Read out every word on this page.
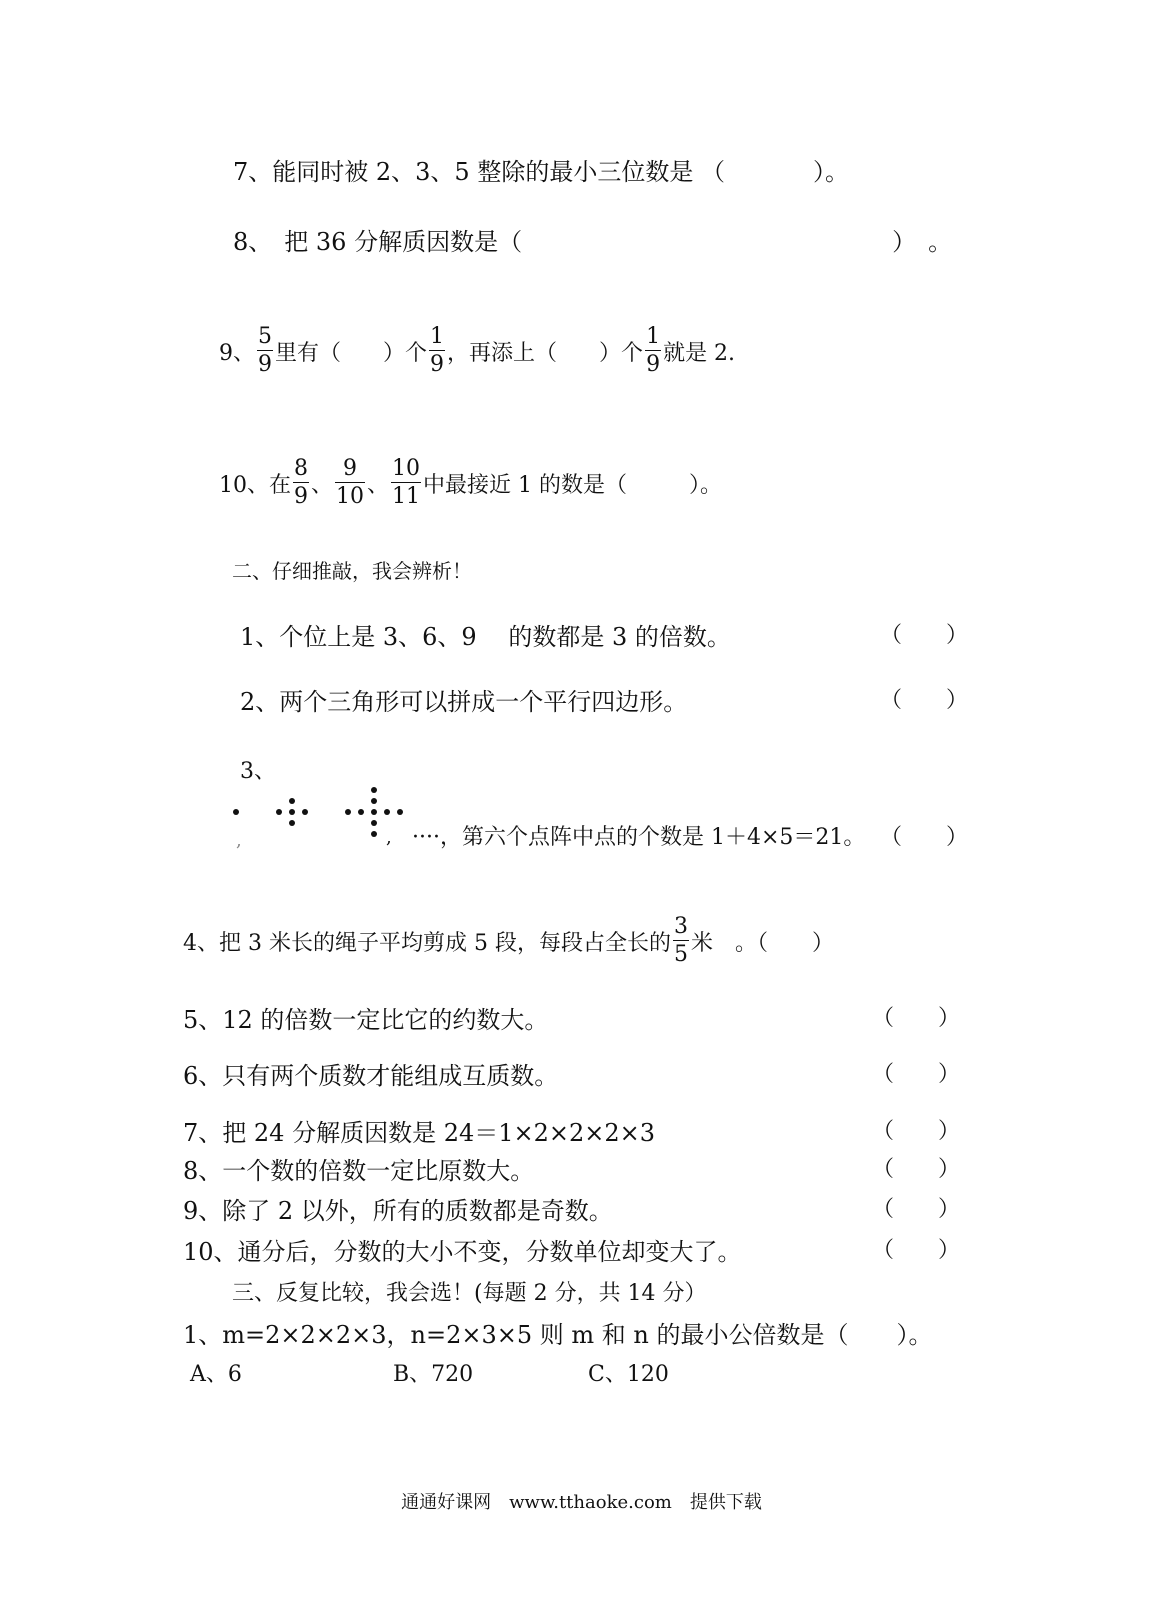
7、能同时被 2、3、5 整除的最小三位数是 （	）。
8、　把 36 分解质因数是（	）　。
9、 $\frac{5}{9}$ 里有（ ）个 $\frac{1}{9}$ ，再添上（ ）个 $\frac{1}{9}$ 就是 2.
10、在 $\frac{8}{9}$ 、 $\frac{9}{10}$ 、 $\frac{10}{11}$ 中最接近 1 的数是（	）。
二、仔细推敲，我会辨析！
1、个位上是 3、6、9　 的数都是 3 的倍数。	（　　）
2、两个三角形可以拼成一个平行四边形。	（　　）
3、
,	, ····，第六个点阵中点的个数是 1＋4×5＝21。 （　　）
4、把 3 米长的绳子平均剪成 5 段，每段占全长的 $\frac{3}{5}$ 米　。（　　）
5、12 的倍数一定比它的约数大。	（　　）
6、只有两个质数才能组成互质数。	（　　）
7、把 24 分解质因数是 24＝1×2×2×2×3	（　　）
8、一个数的倍数一定比原数大。	（　　）
9、除了 2 以外，所有的质数都是奇数。	（　　）
10、通分后，分数的大小不变，分数单位却变大了。	（　　）
三、反复比较，我会选！(每题 2 分，共 14 分）
1、m=2×2×2×3，n=2×3×5 则 m 和 n 的最小公倍数是（　　）。
A、6	B、720	C、120
通通好课网　www.tthaoke.com　提供下载
